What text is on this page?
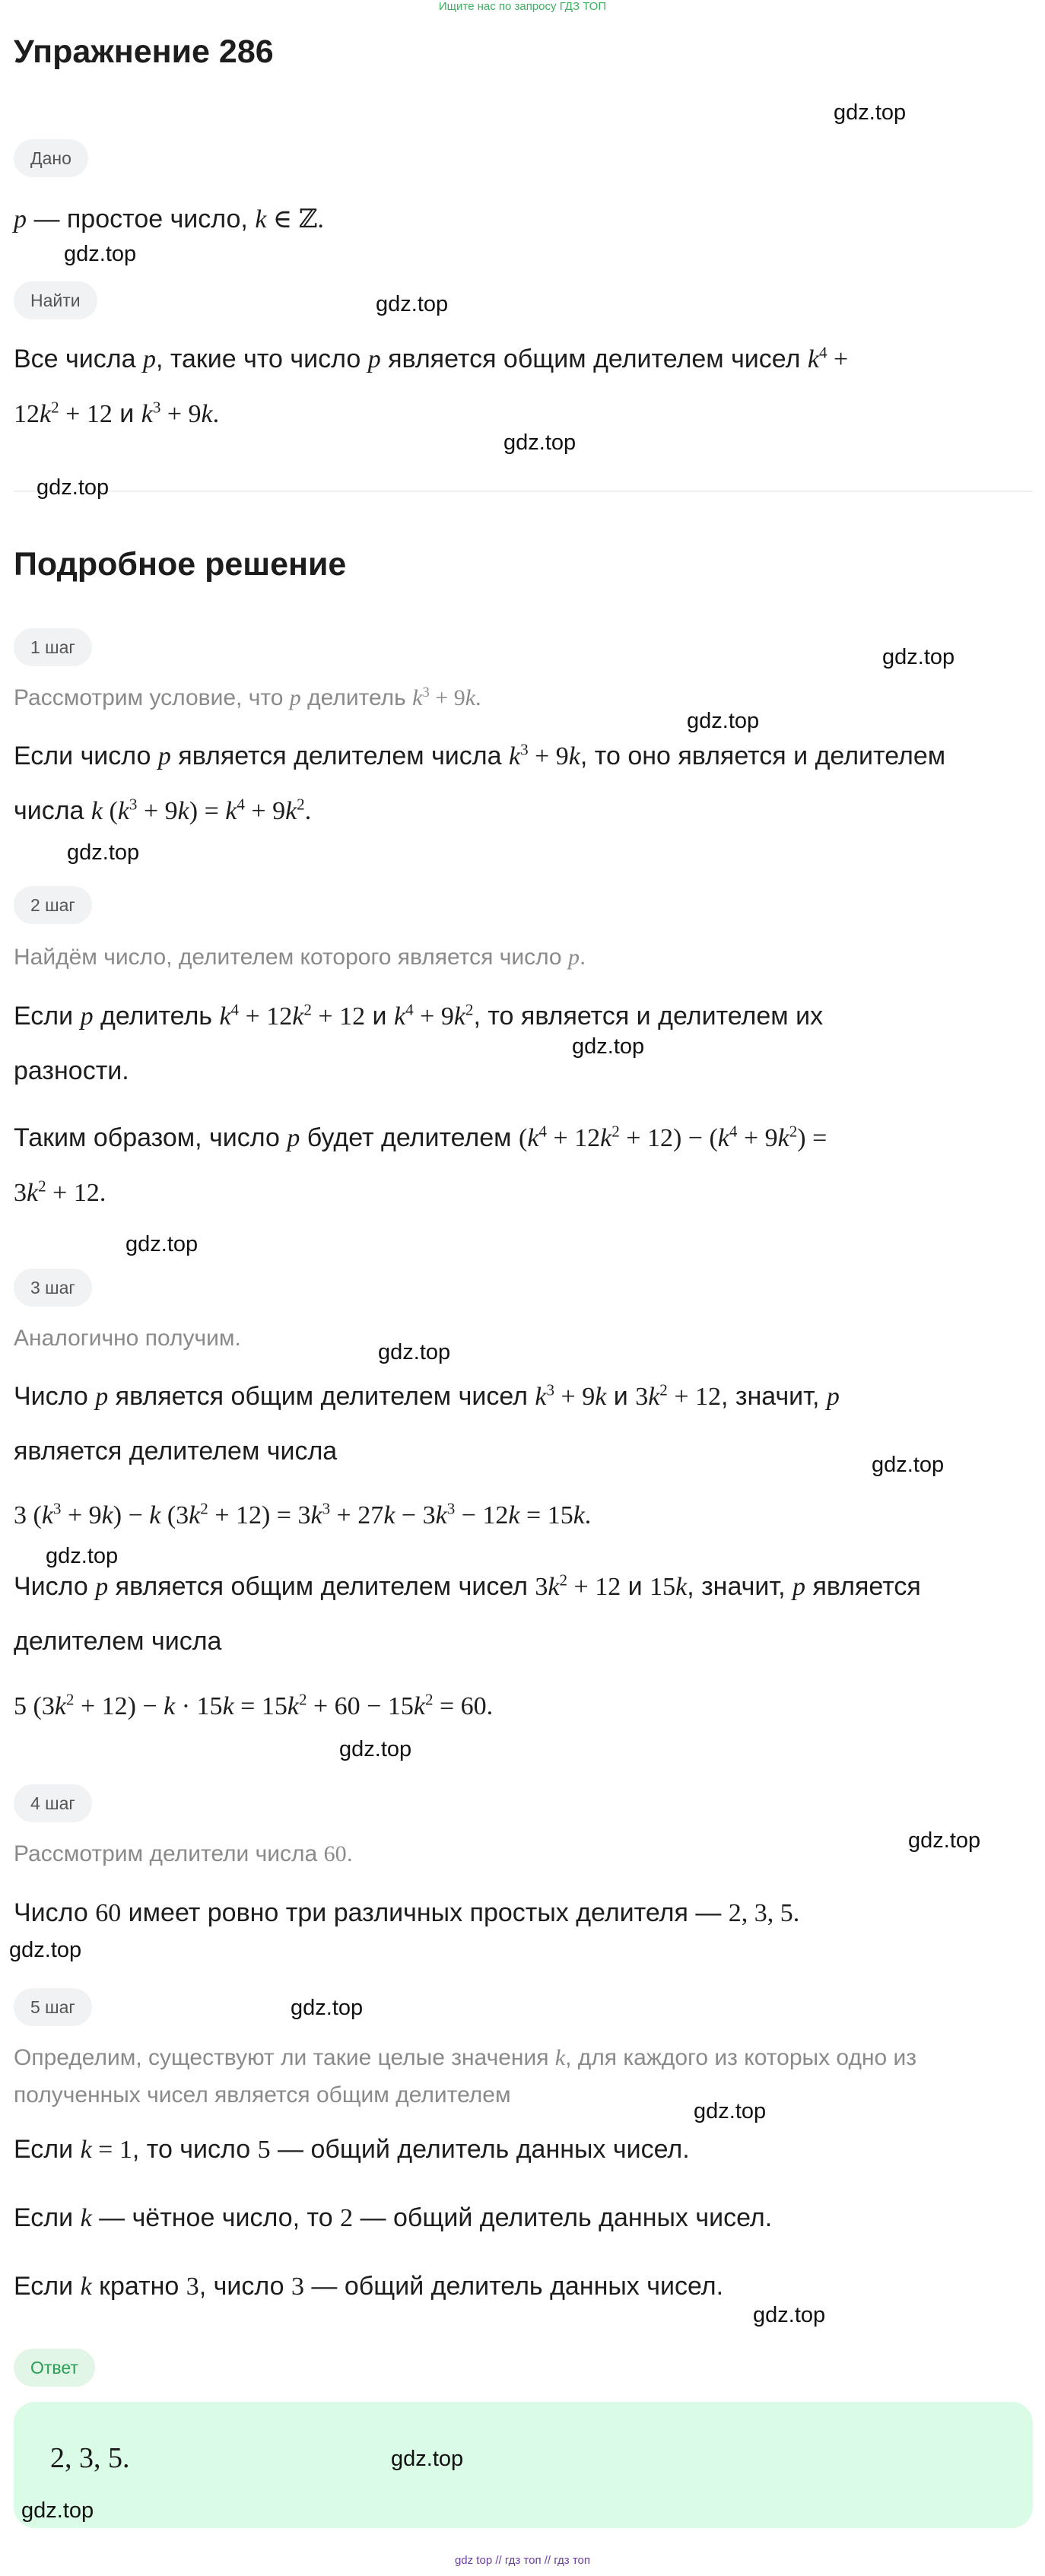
Ищите нас по запросу ГДЗ ТОП
Упражнение 286
Дано
p — простое число, k ∈ ℤ.
Найти
Все числа p, такие что число p является общим делителем чисел $k^4$ +
$12k^2 + 12$ и $k^3 + 9k$.
Подробное решение
1 шаг
Рассмотрим условие, что p делитель $k^3 + 9k$.
Если число p является делителем числа $k^3 + 9k$, то оно является и делителем
числа k $(k^3 + 9k) = k^4 + 9k^2$.
2 шаг
Найдём число, делителем которого является число p.
Если p делитель $k^4 + 12k^2 + 12$ и $k^4 + 9k^2$, то является и делителем их
разности.
Таким образом, число p будет делителем $(k^4 + 12k^2 + 12) - (k^4 + 9k^2)$ =
$3k^2 + 12$.
3 шаг
Аналогично получим.
Число p является общим делителем чисел $k^3 + 9k$ и $3k^2 + 12$, значит, p
является делителем числа
3 $(k^3 + 9k) - k$ $(3k^2 + 12) = 3k^3 + 27k - 3k^3 - 12k = 15k$.
Число p является общим делителем чисел $3k^2 + 12$ и 15k, значит, p является
делителем числа
5 $(3k^2 + 12) - k \cdot 15k = 15k^2 + 60 - 15k^2 = 60$.
4 шаг
Рассмотрим делители числа 60.
Число 60 имеет ровно три различных простых делителя — 2, 3, 5.
5 шаг
Определим, существуют ли такие целые значения k, для каждого из которых одно из
полученных чисел является общим делителем
Если k = 1, то число 5 — общий делитель данных чисел.
Если k — чётное число, то 2 — общий делитель данных чисел.
Если k кратно 3, число 3 — общий делитель данных чисел.
Ответ
2, 3, 5.
gdz.top
gdz.top
gdz.top
gdz.top
gdz.top
gdz.top
gdz.top
gdz.top
gdz.top
gdz.top
gdz.top
gdz.top
gdz.top
gdz.top
gdz.top
gdz.top
gdz.top
gdz.top
gdz.top
gdz.top
gdz.top
gdz top // гдз топ // гдз топ
